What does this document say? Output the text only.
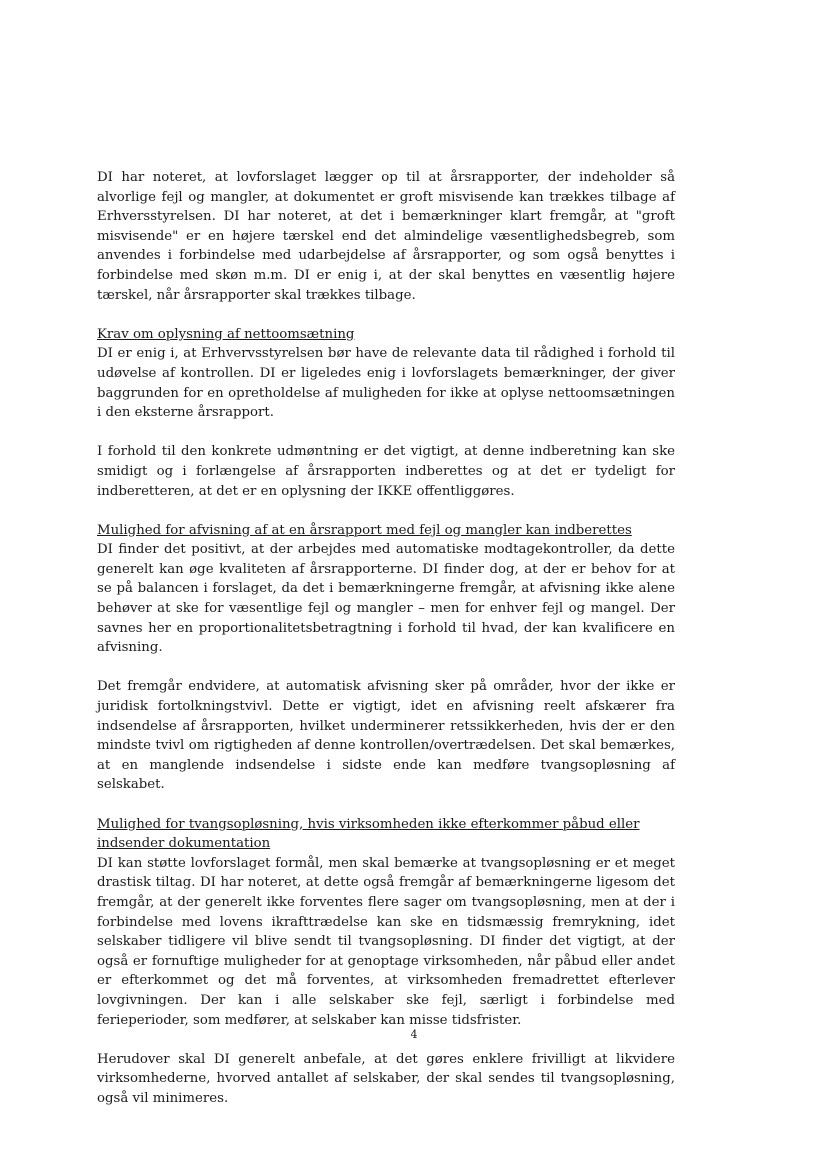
DI har noteret, at lovforslaget lægger op til at årsrapporter, der indeholder så alvorlige fejl og mangler, at dokumentet er groft misvisende kan trækkes tilbage af Erhversstyrelsen. DI har noteret, at det i bemærkninger klart fremgår, at "groft misvisende" er en højere tærskel end det almindelige væsentlighedsbegreb, som anvendes i forbindelse med udarbejdelse af årsrapporter, og som også benyttes i forbindelse med skøn m.m. DI er enig i, at der skal benyttes en væsentlig højere tærskel, når årsrapporter skal trækkes tilbage.

Krav om oplysning af nettoomsætning

DI er enig i, at Erhvervsstyrelsen bør have de relevante data til rådighed i forhold til udøvelse af kontrollen. DI er ligeledes enig i lovforslagets bemærkninger, der giver baggrunden for en opretholdelse af muligheden for ikke at oplyse nettoomsætningen i den eksterne årsrapport.

I forhold til den konkrete udmøntning er det vigtigt, at denne indberetning kan ske smidigt og i forlængelse af årsrapporten indberettes og at det er tydeligt for indberetteren, at det er en oplysning der IKKE offentliggøres.

Mulighed for afvisning af at en årsrapport med fejl og mangler kan indberettes

DI finder det positivt, at der arbejdes med automatiske modtagekontroller, da dette generelt kan øge kvaliteten af årsrapporterne. DI finder dog, at der er behov for at se på balancen i forslaget, da det i bemærkningerne fremgår, at afvisning ikke alene behøver at ske for væsentlige fejl og mangler – men for enhver fejl og mangel. Der savnes her en proportionalitetsbetragtning i forhold til hvad, der kan kvalificere en afvisning.

Det fremgår endvidere, at automatisk afvisning sker på områder, hvor der ikke er juridisk fortolkningstvivl. Dette er vigtigt, idet en afvisning reelt afskærer fra indsendelse af årsrapporten, hvilket underminerer retssikkerheden, hvis der er den mindste tvivl om rigtigheden af denne kontrollen/overtrædelsen. Det skal bemærkes, at en manglende indsendelse i sidste ende kan medføre tvangsopløsning af selskabet.

Mulighed for tvangsopløsning, hvis virksomheden ikke efterkommer påbud eller indsender dokumentation

DI kan støtte lovforslaget formål, men skal bemærke at tvangsopløsning er et meget drastisk tiltag. DI har noteret, at dette også fremgår af bemærkningerne ligesom det fremgår, at der generelt ikke forventes flere sager om tvangsopløsning, men at der i forbindelse med lovens ikrafttrædelse kan ske en tidsmæssig fremrykning, idet selskaber tidligere vil blive sendt til tvangsopløsning. DI finder det vigtigt, at der også er fornuftige muligheder for at genoptage virksomheden, når påbud eller andet er efterkommet og det må forventes, at virksomheden fremadrettet efterlever lovgivningen. Der kan i alle selskaber ske fejl, særligt i forbindelse med ferieperioder, som medfører, at selskaber kan misse tidsfrister.

Herudover skal DI generelt anbefale, at det gøres enklere frivilligt at likvidere virksomhederne, hvorved antallet af selskaber, der skal sendes til tvangsopløsning, også vil minimeres.

4
